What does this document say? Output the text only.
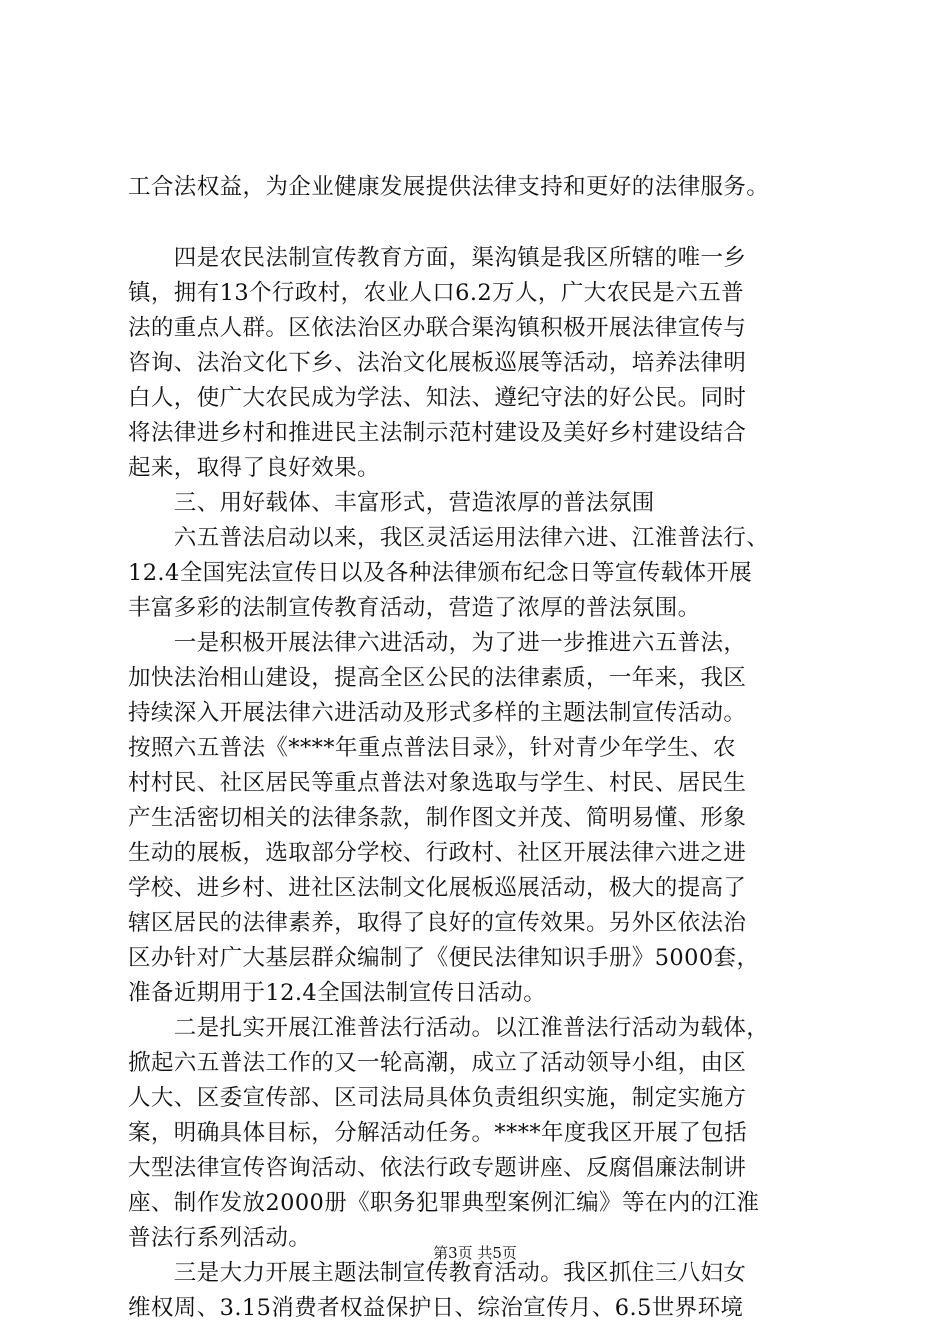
工合法权益，为企业健康发展提供法律支持和更好的法律服务。
　　四是农民法制宣传教育方面，渠沟镇是我区所辖的唯一乡
镇，拥有13个行政村，农业人口6.2万人，广大农民是六五普
法的重点人群。区依法治区办联合渠沟镇积极开展法律宣传与
咨询、法治文化下乡、法治文化展板巡展等活动，培养法律明
白人，使广大农民成为学法、知法、遵纪守法的好公民。同时
将法律进乡村和推进民主法制示范村建设及美好乡村建设结合
起来，取得了良好效果。
　　三、用好载体、丰富形式，营造浓厚的普法氛围
　　六五普法启动以来，我区灵活运用法律六进、江淮普法行、
12.4全国宪法宣传日以及各种法律颁布纪念日等宣传载体开展
丰富多彩的法制宣传教育活动，营造了浓厚的普法氛围。
　　一是积极开展法律六进活动，为了进一步推进六五普法，
加快法治相山建设，提高全区公民的法律素质，一年来，我区
持续深入开展法律六进活动及形式多样的主题法制宣传活动。
按照六五普法《****年重点普法目录》，针对青少年学生、农
村村民、社区居民等重点普法对象选取与学生、村民、居民生
产生活密切相关的法律条款，制作图文并茂、简明易懂、形象
生动的展板，选取部分学校、行政村、社区开展法律六进之进
学校、进乡村、进社区法制文化展板巡展活动，极大的提高了
辖区居民的法律素养，取得了良好的宣传效果。另外区依法治
区办针对广大基层群众编制了《便民法律知识手册》5000套，
准备近期用于12.4全国法制宣传日活动。
　　二是扎实开展江淮普法行活动。以江淮普法行活动为载体，
掀起六五普法工作的又一轮高潮，成立了活动领导小组，由区
人大、区委宣传部、区司法局具体负责组织实施，制定实施方
案，明确具体目标，分解活动任务。****年度我区开展了包括
大型法律宣传咨询活动、依法行政专题讲座、反腐倡廉法制讲
座、制作发放2000册《职务犯罪典型案例汇编》等在内的江淮
普法行系列活动。
　　三是大力开展主题法制宣传教育活动。我区抓住三八妇女
维权周、3.15消费者权益保护日、综治宣传月、6.5世界环境
第3页 共5页
